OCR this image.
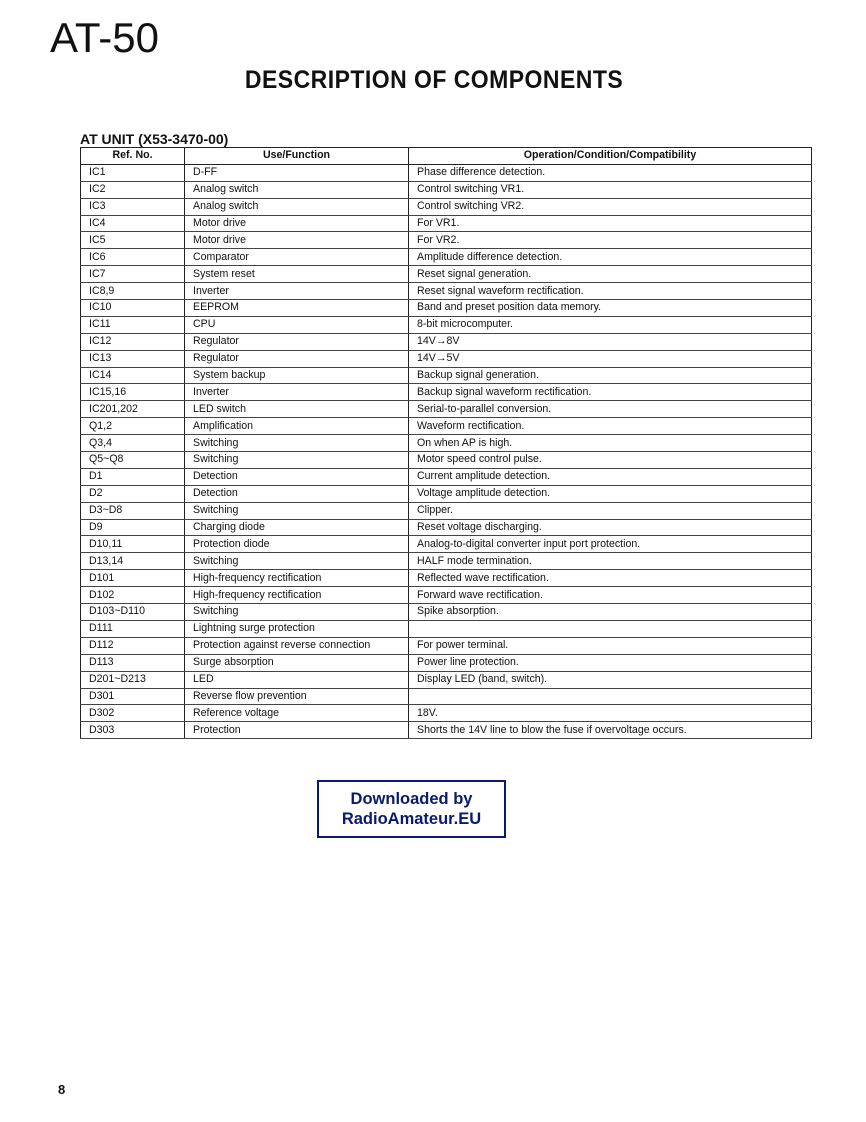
AT-50
DESCRIPTION OF COMPONENTS
AT UNIT (X53-3470-00)
Ref. No.	Use/Function	Operation/Condition/Compatibility
IC1	D-FF	Phase difference detection.
IC2	Analog switch	Control switching VR1.
IC3	Analog switch	Control switching VR2.
IC4	Motor drive	For VR1.
IC5	Motor drive	For VR2.
IC6	Comparator	Amplitude difference detection.
IC7	System reset	Reset signal generation.
IC8,9	Inverter	Reset signal waveform rectification.
IC10	EEPROM	Band and preset position data memory.
IC11	CPU	8-bit microcomputer.
IC12	Regulator	14V→8V
IC13	Regulator	14V→5V
IC14	System backup	Backup signal generation.
IC15,16	Inverter	Backup signal waveform rectification.
IC201,202	LED switch	Serial-to-parallel conversion.
Q1,2	Amplification	Waveform rectification.
Q3,4	Switching	On when AP is high.
Q5~Q8	Switching	Motor speed control pulse.
D1	Detection	Current amplitude detection.
D2	Detection	Voltage amplitude detection.
D3~D8	Switching	Clipper.
D9	Charging diode	Reset voltage discharging.
D10,11	Protection diode	Analog-to-digital converter input port protection.
D13,14	Switching	HALF mode termination.
D101	High-frequency rectification	Reflected wave rectification.
D102	High-frequency rectification	Forward wave rectification.
D103~D110	Switching	Spike absorption.
D111	Lightning surge protection	
D112	Protection against reverse connection	For power terminal.
D113	Surge absorption	Power line protection.
D201~D213	LED	Display LED (band, switch).
D301	Reverse flow prevention	
D302	Reference voltage	18V.
D303	Protection	Shorts the 14V line to blow the fuse if overvoltage occurs.
Downloaded by
RadioAmateur.EU
8
